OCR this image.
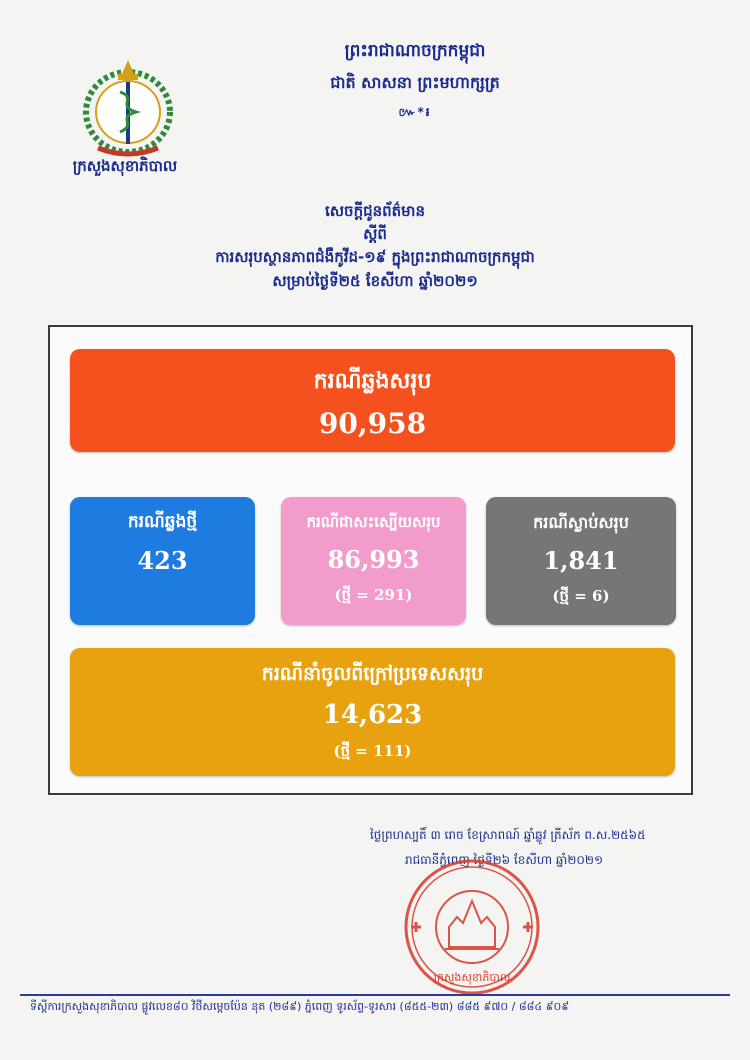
ក្រសួងសុខាភិបាល
ព្រះរាជាណាចក្រកម្ពុជា
ជាតិ សាសនា ព្រះមហាក្សត្រ
៚*៛
សេចក្តីជូនព័ត៌មាន
ស្តីពី
ការសរុបស្ថានភាពជំងឺកូវីដ-១៩ ក្នុងព្រះរាជាណាចក្រកម្ពុជា
សម្រាប់ថ្ងៃទី២៥ ខែសីហា ឆ្នាំ២០២១
ករណីឆ្លងសរុប
90,958
ករណីឆ្លងថ្មី
423
ករណីជាសះស្បើយសរុប
86,993
(ថ្មី = 291)
ករណីស្លាប់សរុប
1,841
(ថ្មី = 6)
ករណីនាំចូលពីក្រៅប្រទេសសរុប
14,623
(ថ្មី = 111)
ថ្ងៃព្រហស្បតិ៍ ៣ រោច ខែស្រាពណ៍ ឆ្នាំឆ្លូវ ត្រីស័ក ព.ស.២៥៦៥
រាជធានីភ្នំពេញ ថ្ងៃទី២៦ ខែសីហា ឆ្នាំ២០២១
ក្រសួងសុខាភិបាល
ទីស្តីការក្រសួងសុខាភិបាល ផ្លូវលេខ៨០ វិថីសម្តេចប៉ែន នុត (២៨៩) ភ្នំពេញ ទូរស័ព្ទ-ទូរសារ (៨៥៥-២៣) ៨៨៥ ៩៧០ / ៨៨៤ ៩០៩
